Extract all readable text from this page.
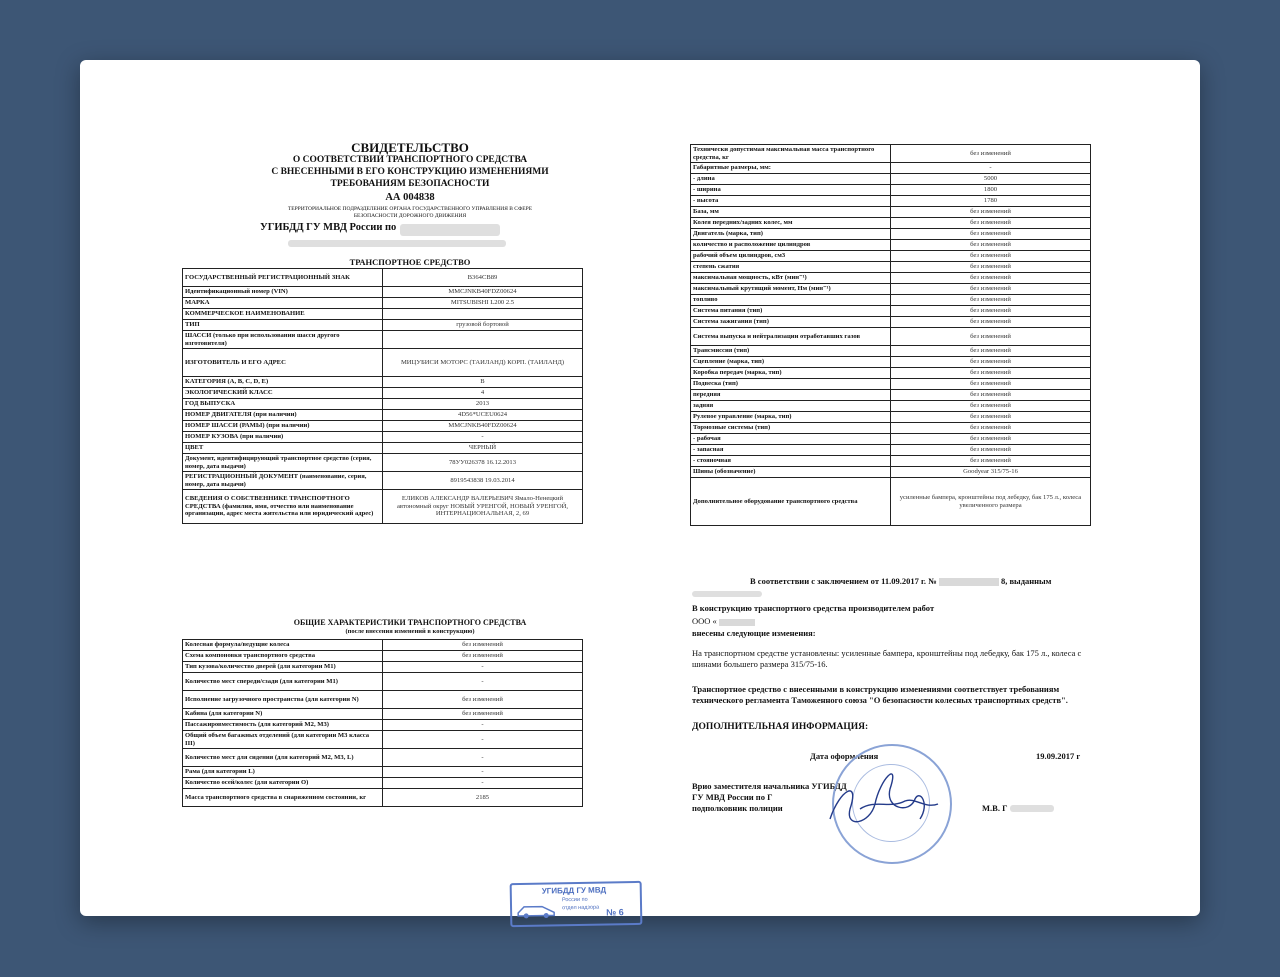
СВИДЕТЕЛЬСТВО
О СООТВЕТСТВИИ ТРАНСПОРТНОГО СРЕДСТВА
С ВНЕСЕННЫМИ В ЕГО КОНСТРУКЦИЮ ИЗМЕНЕНИЯМИ
ТРЕБОВАНИЯМ БЕЗОПАСНОСТИ
АА 004838
ТЕРРИТОРИАЛЬНОЕ ПОДРАЗДЕЛЕНИЕ ОРГАНА ГОСУДАРСТВЕННОГО УПРАВЛЕНИЯ В СФЕРЕ
БЕЗОПАСНОСТИ ДОРОЖНОГО ДВИЖЕНИЯ
УГИБДД ГУ МВД России по
ТРАНСПОРТНОЕ СРЕДСТВО
ГОСУДАРСТВЕННЫЙ РЕГИСТРАЦИОННЫЙ ЗНАК	В364СВ89
Идентификационный номер (VIN)	MMCJNKB40FDZ00624
МАРКА	MITSUBISHI L200 2.5
КОММЕРЧЕСКОЕ НАИМЕНОВАНИЕ	
ТИП	грузовой бортовой
ШАССИ (только при использовании шасси другого изготовителя)	
ИЗГОТОВИТЕЛЬ И ЕГО АДРЕС	МИЦУБИСИ МОТОРС (ТАИЛАНД) КОРП. (ТАИЛАНД)
КАТЕГОРИЯ (А, В, С, D, Е)	В
ЭКОЛОГИЧЕСКИЙ КЛАСС	4
ГОД ВЫПУСКА	2013
НОМЕР ДВИГАТЕЛЯ (при наличии)	4D56*UCEU0624
НОМЕР ШАССИ (РАМЫ) (при наличии)	MMCJNKB40FDZ00624
НОМЕР КУЗОВА (при наличии)	-
ЦВЕТ	ЧЕРНЫЙ
Документ, идентифицирующий транспортное средство (серия, номер, дата выдачи)	78УУ026378 16.12.2013
РЕГИСТРАЦИОННЫЙ ДОКУМЕНТ (наименование, серия, номер, дата выдачи)	8919543838 19.03.2014
СВЕДЕНИЯ О СОБСТВЕННИКЕ ТРАНСПОРТНОГО СРЕДСТВА (фамилия, имя, отчество или наименование организации, адрес места жительства или юридический адрес)	ЕЛИКОВ АЛЕКСАНДР ВАЛЕРЬЕВИЧ Ямало-Ненецкий автономный округ НОВЫЙ УРЕНГОЙ, НОВЫЙ УРЕНГОЙ, ИНТЕРНАЦИОНАЛЬНАЯ, 2, 69
ОБЩИЕ ХАРАКТЕРИСТИКИ ТРАНСПОРТНОГО СРЕДСТВА
(после внесения изменений в конструкцию)
Колесная формула/ведущие колеса	без изменений
Схема компоновки транспортного средства	без изменений
Тип кузова/количество дверей (для категории М1)	-
Количество мест спереди/сзади (для категории М1)	-
Исполнение загрузочного пространства (для категории N)	без изменений
Кабина (для категории N)	без изменений
Пассажировместимость (для категорий М2, М3)	-
Общий объем багажных отделений (для категории М3 класса III)	-
Количество мест для сидения (для категорий М2, М3, L)	-
Рама (для категории L)	-
Количество осей/колес (для категории О)	-
Масса транспортного средства в снаряженном состоянии, кг	2185
УГИБДД ГУ МВД
России по
отдел надзора № 6
Технически допустимая максимальная масса транспортного средства, кг	без изменений
Габаритные размеры, мм:	-
- длина	5000
- ширина	1800
- высота	1780
База, мм	без изменений
Колея передних/задних колес, мм	без изменений
Двигатель (марка, тип)	без изменений
количество и расположение цилиндров	без изменений
рабочий объем цилиндров, см3	без изменений
степень сжатия	без изменений
максимальная мощность, кВт (мин⁻¹)	без изменений
максимальный крутящий момент, Нм (мин⁻¹)	без изменений
топливо	без изменений
Система питания (тип)	без изменений
Система зажигания (тип)	без изменений
Система выпуска и нейтрализации отработавших газов	без изменений
Трансмиссия (тип)	без изменений
Сцепление (марка, тип)	без изменений
Коробка передач (марка, тип)	без изменений
Подвеска (тип)	без изменений
передняя	без изменений
задняя	без изменений
Рулевое управление (марка, тип)	без изменений
Тормозные системы (тип)	без изменений
- рабочая	без изменений
- запасная	без изменений
- стояночная	без изменений
Шины (обозначение)	Goodyear 315/75-16
Дополнительное оборудование транспортного средства	усиленные бампера, кронштейны под лебедку, бак 175 л., колеса увеличенного размера
В соответствии с заключением от 11.09.2017 г. №	8, выданным
В конструкцию транспортного средства производителем работ
ООО «
внесены следующие изменения:
На транспортном средстве установлены: усиленные бампера, кронштейны под лебедку, бак 175 л., колеса с шинами большего размера 315/75-16.
Транспортное средство с внесенными в конструкцию изменениями соответствует требованиям технического регламента Таможенного союза "О безопасности колесных транспортных средств".
ДОПОЛНИТЕЛЬНАЯ ИНФОРМАЦИЯ:
Дата оформления	19.09.2017 г
Врио заместителя начальника УГИБДД
ГУ МВД России по Г
подполковник полиции	М.В. Г
